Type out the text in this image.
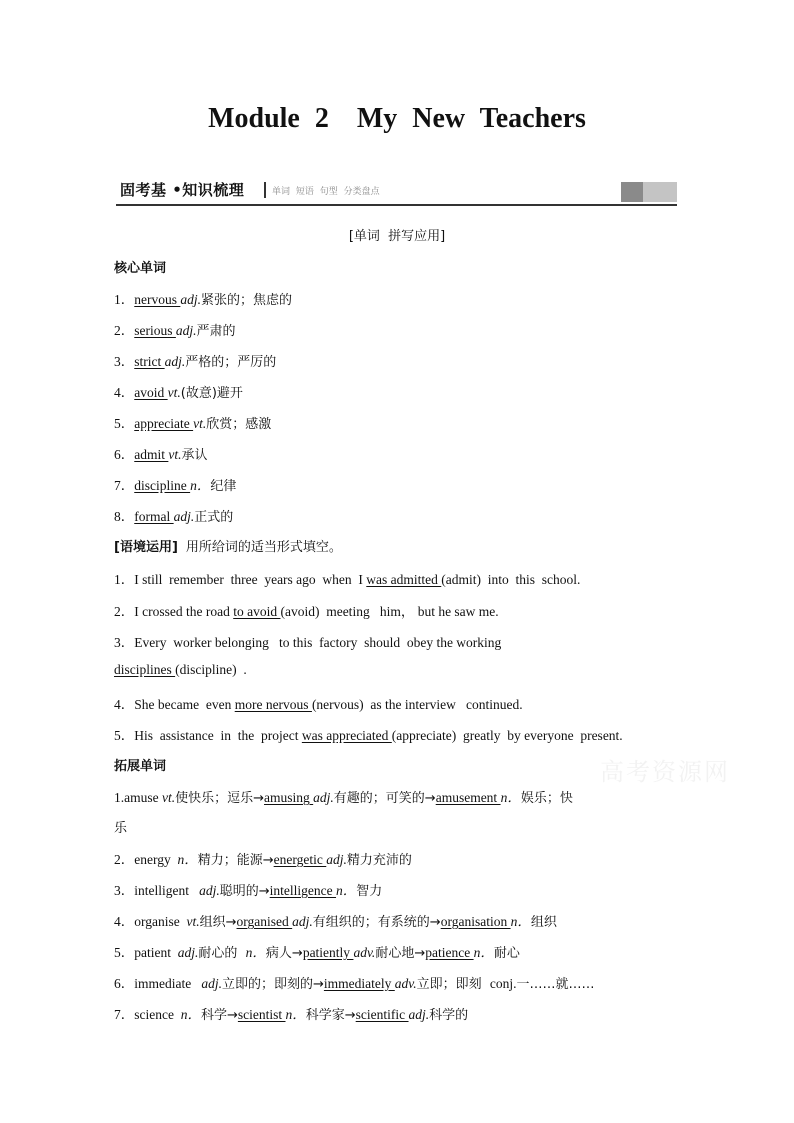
Module 2　My New Teachers
固考基 •知识梳理	单词 短语 句型 分类盘点
[单词 拼写应用]
核心单词
1．nervous adj.紧张的；焦虑的
2．serious adj.严肃的
3．strict adj.严格的；严厉的
4．avoid vt.(故意)避开
5．appreciate vt.欣赏；感激
6．admit vt.承认
7．discipline n．纪律
8．formal adj.正式的
[语境运用] 用所给词的适当形式填空。
1．I still  remember  three  years ago  when  I was admitted (admit)  into  this  school.
2．I crossed the road to avoid (avoid)  meeting   him， but he saw me.
3．Every  worker belonging   to this  factory  should  obey the working
disciplines (discipline)  .
4．She became  even more nervous (nervous)  as the interview   continued.
5．His  assistance  in  the  project was appreciated (appreciate)  greatly  by everyone  present.
拓展单词	高考资源网
1.amuse vt.使快乐；逗乐→amusing adj.有趣的；可笑的→amusement n．娱乐；快
乐
2．energy  n．精力；能源→energetic adj.精力充沛的
3．intelligent   adj.聪明的→intelligence n．智力
4．organise  vt.组织→organised adj.有组织的；有系统的→organisation n．组织
5．patient  adj.耐心的  n．病人→patiently adv.耐心地→patience n．耐心
6．immediate   adj.立即的；即刻的→immediately adv.立即；即刻  conj.一……就……
7．science  n．科学→scientist n．科学家→scientific adj.科学的
